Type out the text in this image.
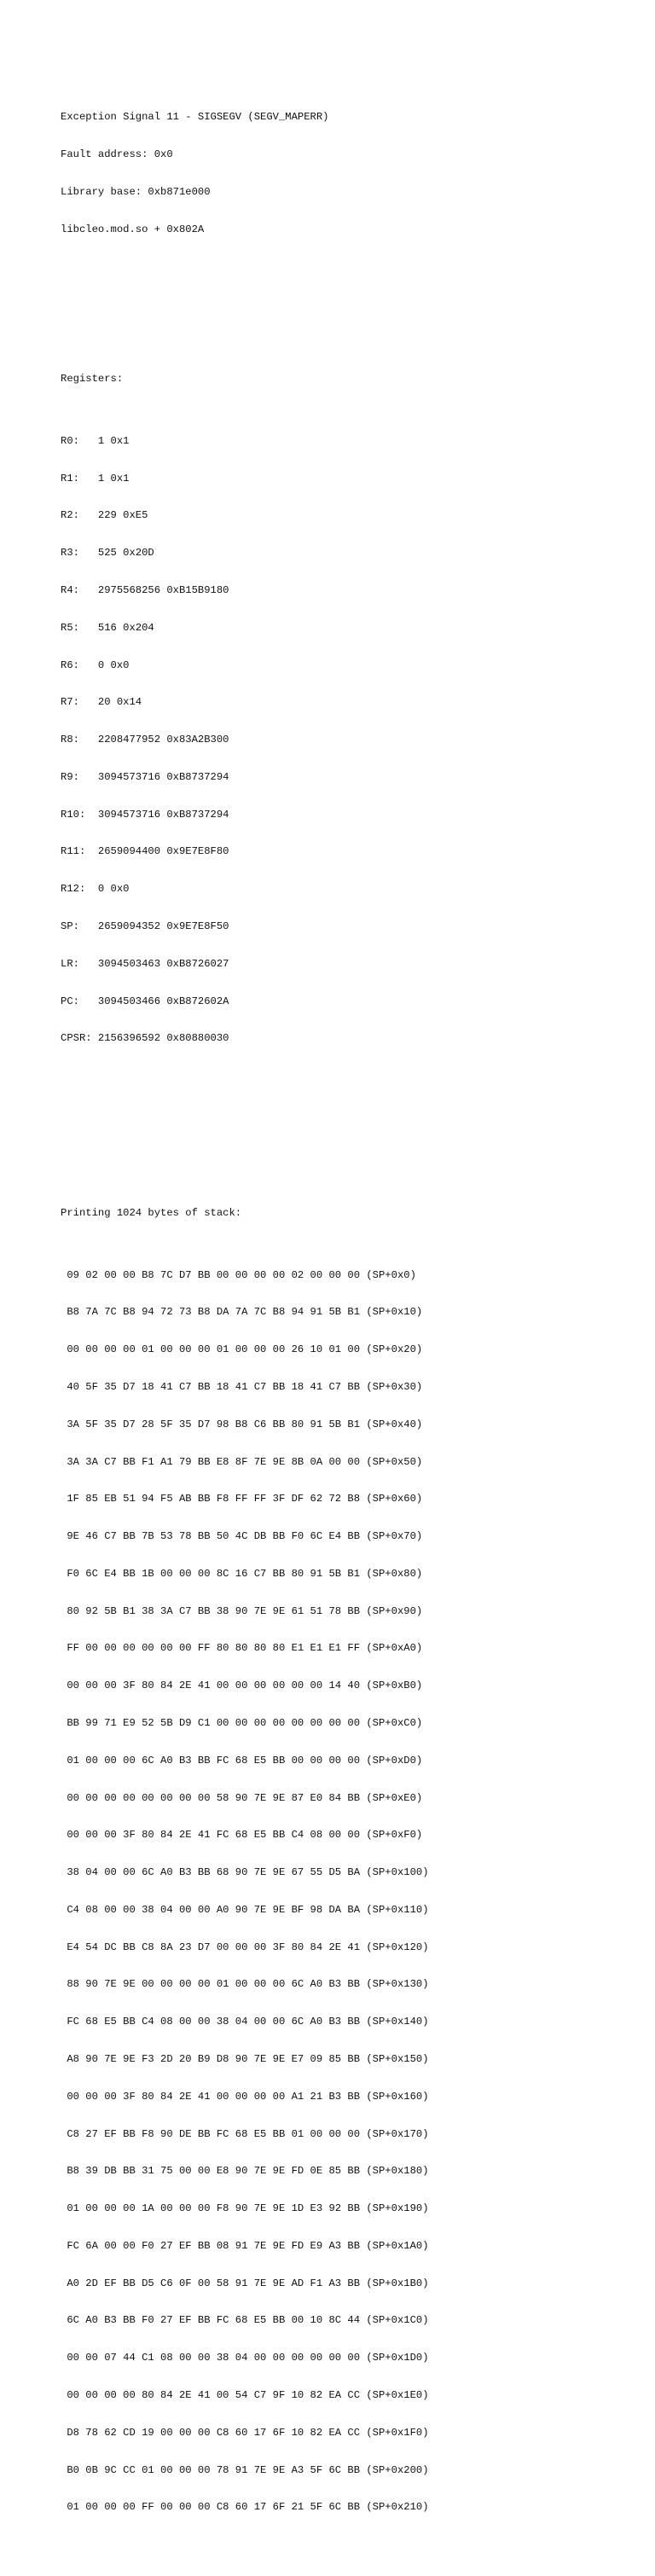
Exception Signal 11 - SIGSEGV (SEGV_MAPERR)

Fault address: 0x0

Library base: 0xb871e000

libcleo.mod.so + 0x802A

Registers:

R0:   1 0x1

R1:   1 0x1

R2:   229 0xE5

R3:   525 0x20D

R4:   2975568256 0xB15B9180

R5:   516 0x204

R6:   0 0x0

R7:   20 0x14

R8:   2208477952 0x83A2B300

R9:   3094573716 0xB8737294

R10:  3094573716 0xB8737294

R11:  2659094400 0x9E7E8F80

R12:  0 0x0

SP:   2659094352 0x9E7E8F50

LR:   3094503463 0xB8726027

PC:   3094503466 0xB872602A

CPSR: 2156396592 0x80880030

Printing 1024 bytes of stack:

09 02 00 00 B8 7C D7 BB 00 00 00 00 02 00 00 00 (SP+0x0)

B8 7A 7C B8 94 72 73 B8 DA 7A 7C B8 94 91 5B B1 (SP+0x10)

00 00 00 00 01 00 00 00 01 00 00 00 26 10 01 00 (SP+0x20)

40 5F 35 D7 18 41 C7 BB 18 41 C7 BB 18 41 C7 BB (SP+0x30)

3A 5F 35 D7 28 5F 35 D7 98 B8 C6 BB 80 91 5B B1 (SP+0x40)

3A 3A C7 BB F1 A1 79 BB E8 8F 7E 9E 8B 0A 00 00 (SP+0x50)

1F 85 EB 51 94 F5 AB BB F8 FF FF 3F DF 62 72 B8 (SP+0x60)

9E 46 C7 BB 7B 53 78 BB 50 4C DB BB F0 6C E4 BB (SP+0x70)

F0 6C E4 BB 1B 00 00 00 8C 16 C7 BB 80 91 5B B1 (SP+0x80)

80 92 5B B1 38 3A C7 BB 38 90 7E 9E 61 51 78 BB (SP+0x90)

FF 00 00 00 00 00 00 FF 80 80 80 80 E1 E1 E1 FF (SP+0xA0)

00 00 00 3F 80 84 2E 41 00 00 00 00 00 00 14 40 (SP+0xB0)

BB 99 71 E9 52 5B D9 C1 00 00 00 00 00 00 00 00 (SP+0xC0)

01 00 00 00 6C A0 B3 BB FC 68 E5 BB 00 00 00 00 (SP+0xD0)

00 00 00 00 00 00 00 00 58 90 7E 9E 87 E0 84 BB (SP+0xE0)

00 00 00 3F 80 84 2E 41 FC 68 E5 BB C4 08 00 00 (SP+0xF0)

38 04 00 00 6C A0 B3 BB 68 90 7E 9E 67 55 D5 BA (SP+0x100)

C4 08 00 00 38 04 00 00 A0 90 7E 9E BF 98 DA BA (SP+0x110)

E4 54 DC BB C8 8A 23 D7 00 00 00 3F 80 84 2E 41 (SP+0x120)

88 90 7E 9E 00 00 00 00 01 00 00 00 6C A0 B3 BB (SP+0x130)

FC 68 E5 BB C4 08 00 00 38 04 00 00 6C A0 B3 BB (SP+0x140)

A8 90 7E 9E F3 2D 20 B9 D8 90 7E 9E E7 09 85 BB (SP+0x150)

00 00 00 3F 80 84 2E 41 00 00 00 00 A1 21 B3 BB (SP+0x160)

C8 27 EF BB F8 90 DE BB FC 68 E5 BB 01 00 00 00 (SP+0x170)

B8 39 DB BB 31 75 00 00 E8 90 7E 9E FD 0E 85 BB (SP+0x180)

01 00 00 00 1A 00 00 00 F8 90 7E 9E 1D E3 92 BB (SP+0x190)

FC 6A 00 00 F0 27 EF BB 08 91 7E 9E FD E9 A3 BB (SP+0x1A0)

A0 2D EF BB D5 C6 0F 00 58 91 7E 9E AD F1 A3 BB (SP+0x1B0)

6C A0 B3 BB F0 27 EF BB FC 68 E5 BB 00 10 8C 44 (SP+0x1C0)

00 00 07 44 C1 08 00 00 38 04 00 00 00 00 00 00 (SP+0x1D0)

00 00 00 00 80 84 2E 41 00 54 C7 9F 10 82 EA CC (SP+0x1E0)

D8 78 62 CD 19 00 00 00 C8 60 17 6F 10 82 EA CC (SP+0x1F0)

B0 0B 9C CC 01 00 00 00 78 91 7E 9E A3 5F 6C BB (SP+0x200)

01 00 00 00 FF 00 00 00 C8 60 17 6F 21 5F 6C BB (SP+0x210)
